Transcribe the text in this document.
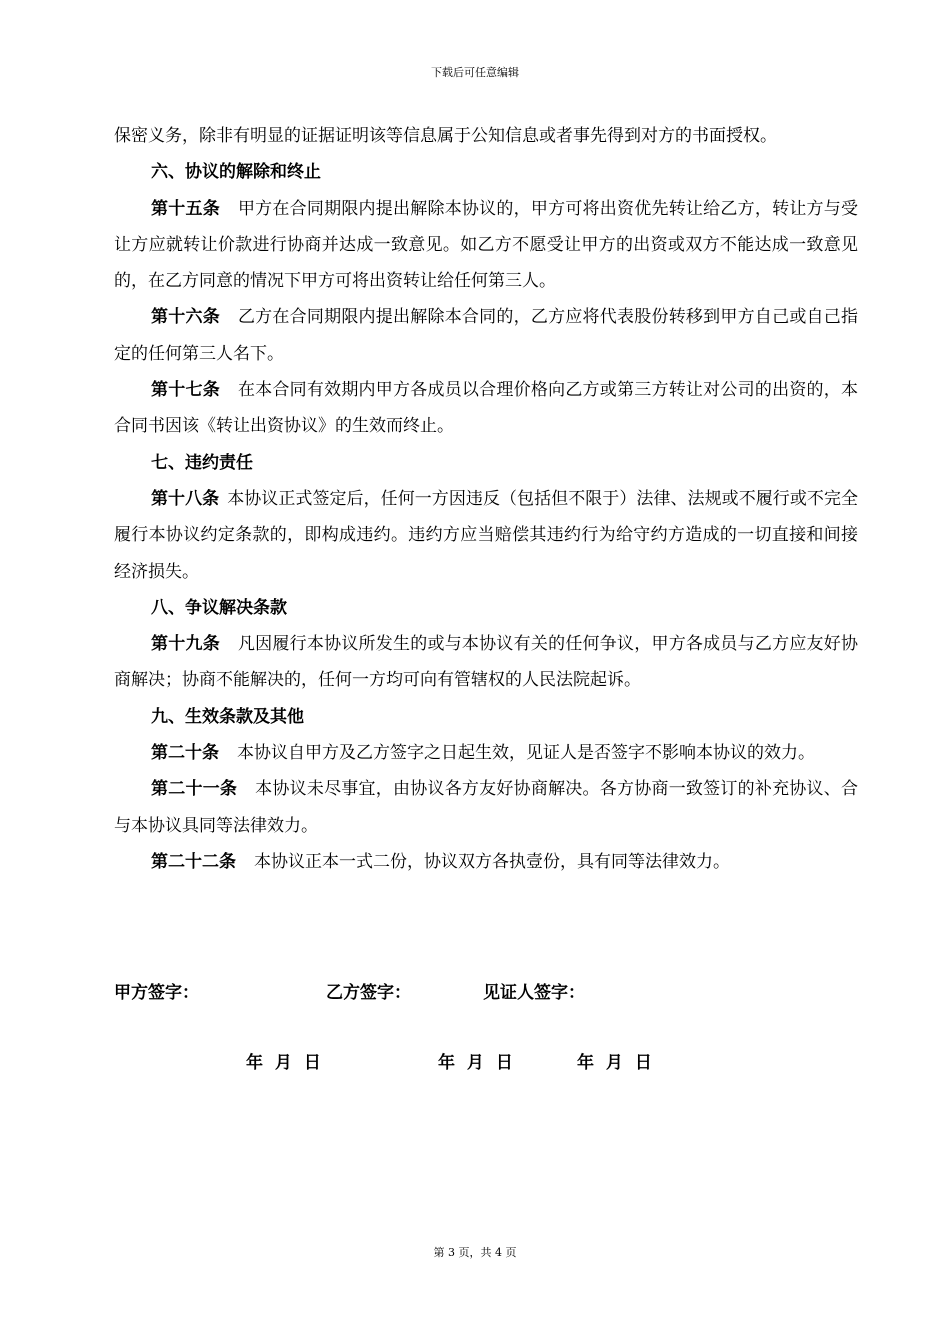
下载后可任意编辑

保密义务，除非有明显的证据证明该等信息属于公知信息或者事先得到对方的书面授权。

六、协议的解除和终止

第十五条 甲方在合同期限内提出解除本协议的，甲方可将出资优先转让给乙方，转让方与受让方应就转让价款进行协商并达成一致意见。如乙方不愿受让甲方的出资或双方不能达成一致意见的，在乙方同意的情况下甲方可将出资转让给任何第三人。

第十六条 乙方在合同期限内提出解除本合同的，乙方应将代表股份转移到甲方自己或自己指定的任何第三人名下。

第十七条 在本合同有效期内甲方各成员以合理价格向乙方或第三方转让对公司的出资的，本合同书因该《转让出资协议》的生效而终止。

七、违约责任

第十八条 本协议正式签定后，任何一方因违反（包括但不限于）法律、法规或不履行或不完全履行本协议约定条款的，即构成违约。违约方应当赔偿其违约行为给守约方造成的一切直接和间接经济损失。

八、争议解决条款

第十九条 凡因履行本协议所发生的或与本协议有关的任何争议，甲方各成员与乙方应友好协商解决；协商不能解决的，任何一方均可向有管辖权的人民法院起诉。

九、生效条款及其他

第二十条 本协议自甲方及乙方签字之日起生效，见证人是否签字不影响本协议的效力。

第二十一条 本协议未尽事宜，由协议各方友好协商解决。各方协商一致签订的补充协议、合与本协议具同等法律效力。

第二十二条 本协议正本一式二份，协议双方各执壹份，具有同等法律效力。

甲方签字：	乙方签字：	见证人签字：
年 月 日	年 月 日	年 月 日
第 3 页，共 4 页
